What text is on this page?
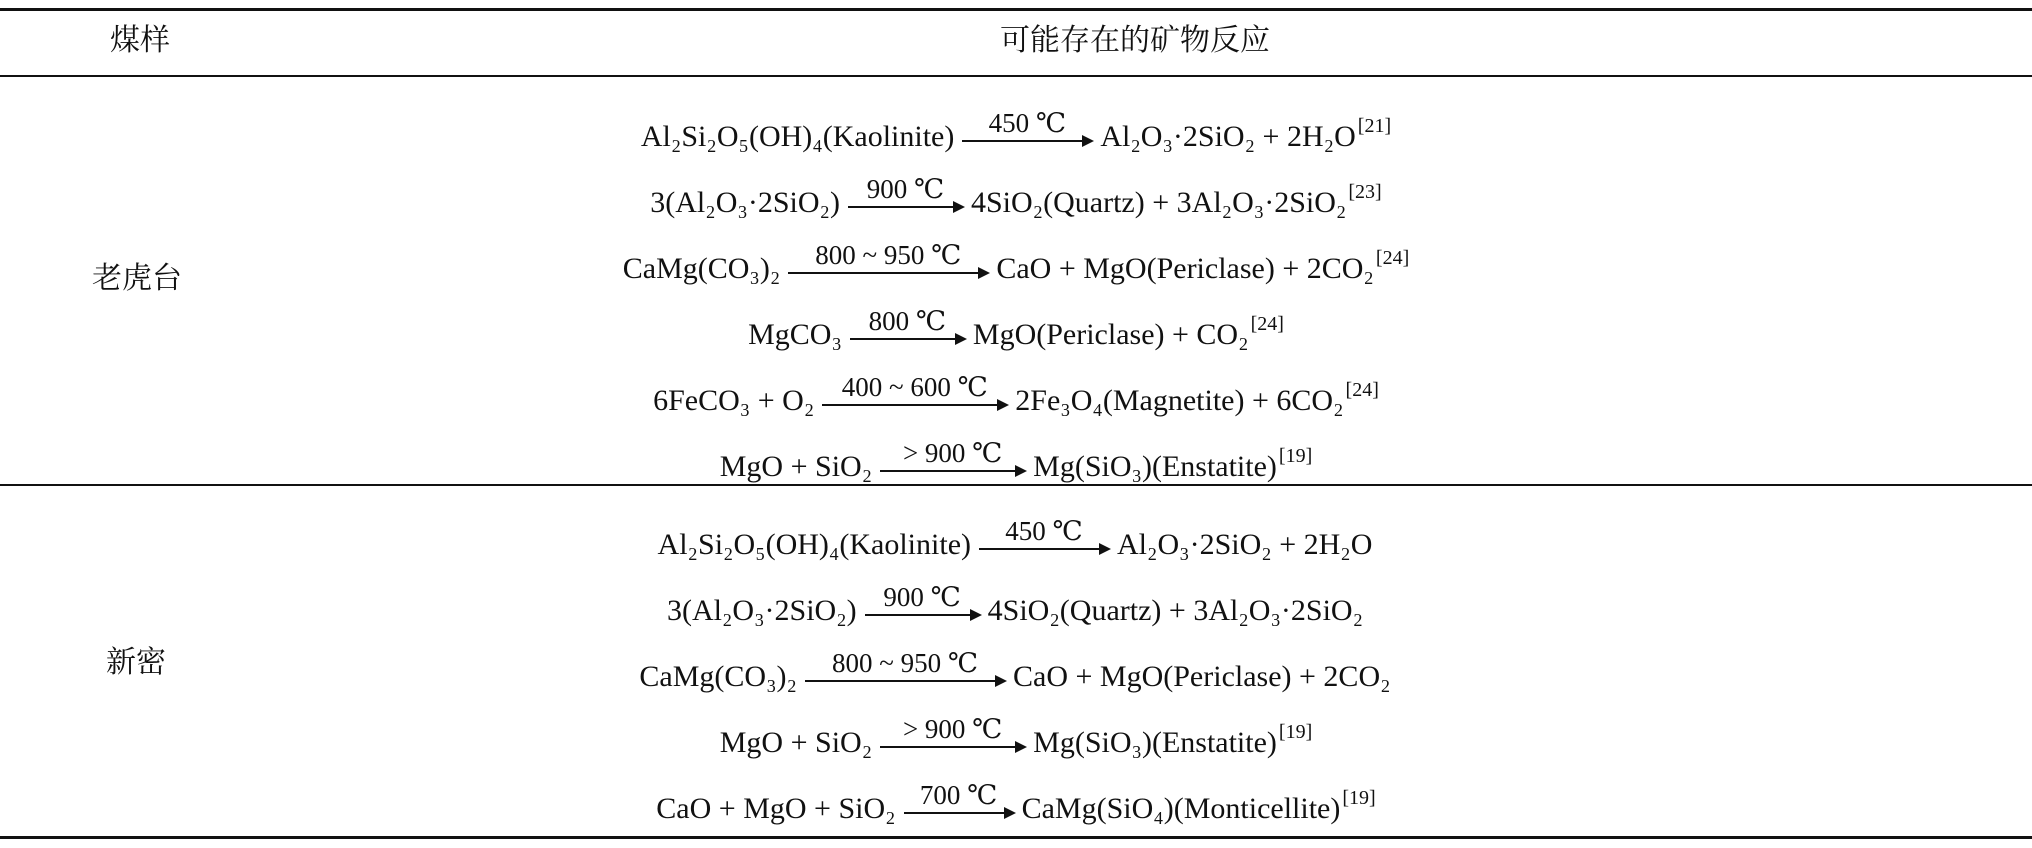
煤样	可能存在的矿物反应
老虎台
Al₂Si₂O₅(OH)₄(Kaolinite) 450 ℃ Al₂O₃·2SiO₂ + 2H₂O [21]
3(Al₂O₃·2SiO₂) 900 ℃ 4SiO₂(Quartz) + 3Al₂O₃·2SiO₂ [23]
CaMg(CO₃)₂ 800 ~ 950 ℃ CaO + MgO(Periclase) + 2CO₂ [24]
MgCO₃ 800 ℃ MgO(Periclase) + CO₂ [24]
6FeCO₃ + O₂ 400 ~ 600 ℃ 2Fe₃O₄(Magnetite) + 6CO₂ [24]
MgO + SiO₂ > 900 ℃ Mg(SiO₃)(Enstatite) [19]
新密
Al₂Si₂O₅(OH)₄(Kaolinite) 450 ℃ Al₂O₃·2SiO₂ + 2H₂O
3(Al₂O₃·2SiO₂) 900 ℃ 4SiO₂(Quartz) + 3Al₂O₃·2SiO₂
CaMg(CO₃)₂ 800 ~ 950 ℃ CaO + MgO(Periclase) + 2CO₂
MgO + SiO₂ > 900 ℃ Mg(SiO₃)(Enstatite) [19]
CaO + MgO + SiO₂ 700 ℃ CaMg(SiO₄)(Monticellite) [19]
